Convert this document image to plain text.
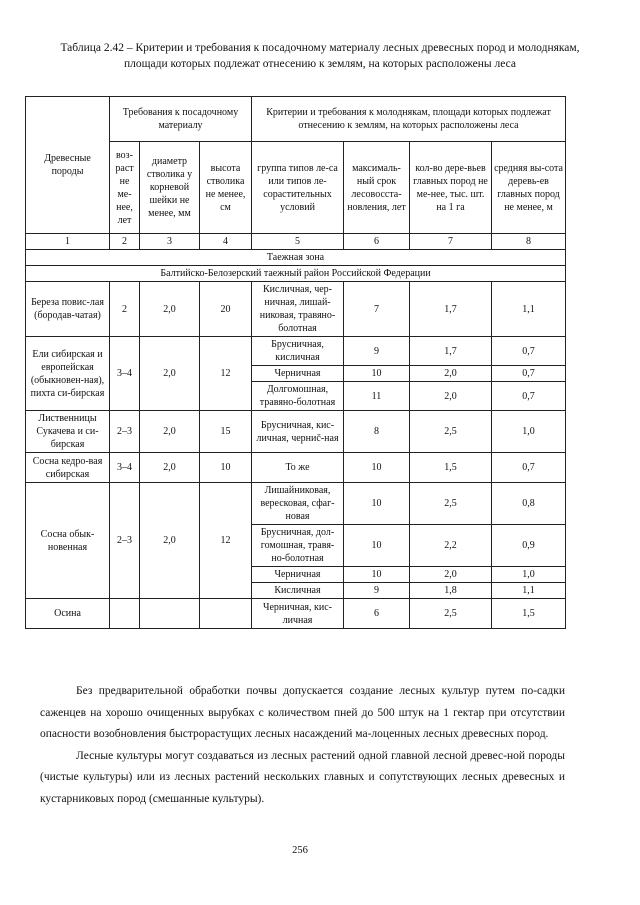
Таблица 2.42 – Критерии и требования к посадочному материалу лесных древесных пород и молоднякам, площади которых подлежат отнесению к землям, на которых расположены леса
Древесные породы	Требования к посадочному материалу			Критерии и требования к молоднякам, площади которых подлежат отнесению к землям, на которых расположены леса			
	воз-раст не ме-нее, лет	диаметр стволика у корневой шейки не менее, мм	высота стволика не менее, см	группа типов ле-са или типов ле-сорастительных условий	максималь-ный срок лесовосста-новления, лет	кол-во дере-вьев главных пород не ме-нее, тыс. шт. на 1 га	средняя вы-сота деревь-ев главных пород не менее, м
1	2	3	4	5	6	7	8
Таежная зона							
Балтийско-Белозерский таежный район Российской Федерации							
Береза повис-лая (бородав-чатая)	2	2,0	20	Кисличная, чер-ничная, лишай-никовая, травяно-болотная	7	1,7	1,1
Ели сибирская и европейская (обыкновен-ная), пихта си-бирская	3–4	2,0	12	Брусничная, кисличная	9	1,7	0,7
				Черничная	10	2,0	0,7
				Долгомошная, травяно-болотная	11	2,0	0,7
Лиственницы Сукачева и си-бирская	2–3	2,0	15	Брусничная, кис-личная, черниč-ная	8	2,5	1,0
Сосна кедро-вая сибирская	3–4	2,0	10	То же	10	1,5	0,7
Сосна обык-новенная	2–3	2,0	12	Лишайниковая, вересковая, сфаг-новая	10	2,5	0,8
				Брусничная, дол-гомошная, травя-но-болотная	10	2,2	0,9
				Черничная	10	2,0	1,0
				Кисличная	9	1,8	1,1
Осина				Черничная, кис-личная	6	2,5	1,5

Без предварительной обработки почвы допускается создание лесных культур путем по-садки саженцев на хорошо очищенных вырубках с количеством пней до 500 штук на 1 гектар при отсутствии опасности возобновления быстрорастущих лесных насаждений ма-лоценных лесных древесных пород.

Лесные культуры могут создаваться из лесных растений одной главной лесной древес-ной породы (чистые культуры) или из лесных растений нескольких главных и сопутствующих лесных древесных и кустарниковых пород (смешанные культуры).

256
